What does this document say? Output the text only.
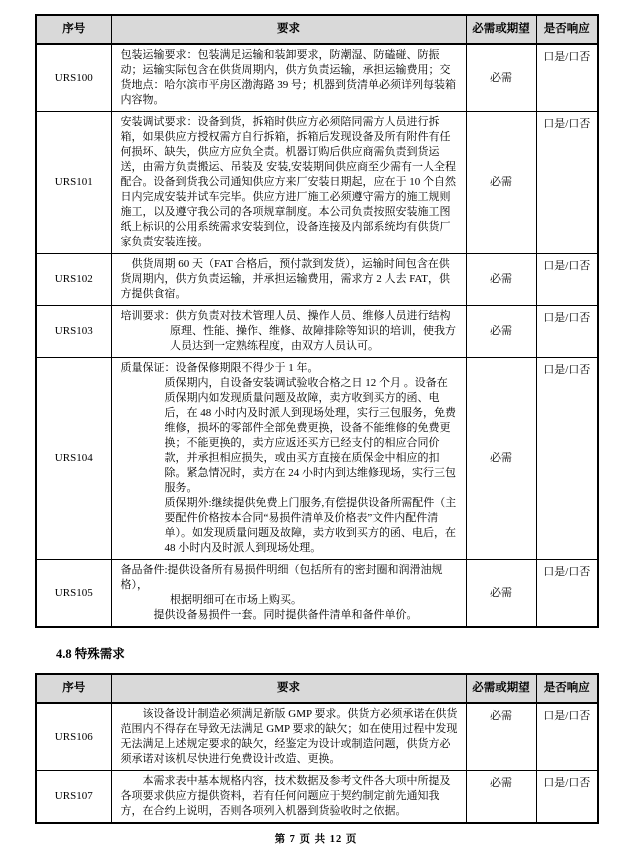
序号	要求	必需或期望	是否响应
URS100	包装运输要求：包装满足运输和装卸要求，防潮湿、防磕碰、防振动；运输实际包含在供货周期内，供方负责运输，承担运输费用；交货地点：哈尔滨市平房区渤海路 39 号；机器到货清单必须详列每装箱内容物。	必需	口是/口否
URS101	安装调试要求：设备到货，拆箱时供应方必须陪同需方人员进行拆箱，如果供应方授权需方自行拆箱，拆箱后发现设备及所有附件有任何损坏、缺失，供应方应负全责。机器订购后供应商需负责到货运送，由需方负责搬运、吊装及 安装,安装期间供应商至少需有一人全程配合。设备到货我公司通知供应方来厂安装日期起，应在于 10 个自然日内完成安装并试车完毕。供应方进厂施工必须遵守需方的施工规则施工，以及遵守我公司的各项规章制度。本公司负责按照安装施工图纸上标识的公用系统需求安装到位，设备连接及内部系统均有供货厂家负责安装连接。	必需	口是/口否
URS102	供货周期 60 天（FAT 合格后，预付款到发货），运输时间包含在供货周期内，供方负责运输，并承担运输费用，需求方 2 人去 FAT，供方提供食宿。	必需	口是/口否
URS103	培训要求：供方负责对技术管理人员、操作人员、维修人员进行结构原理、性能、操作、维修、故障排除等知识的培训，使我方人员达到一定熟练程度，由双方人员认可。	必需	口是/口否
URS104	质量保证：设备保修期限不得少于 1 年。
质保期内，自设备安装调试验收合格之日 12 个月 。设备在质保期内如发现质量问题及故障，卖方收到买方的函、电后，在 48 小时内及时派人到现场处理，实行三包服务，免费维修，损坏的零部件全部免费更换，设备不能维修的免费更换；不能更换的，卖方应返还买方已经支付的相应合同价款，并承担相应损失，或由买方直接在质保金中相应的扣除。紧急情况时，卖方在 24 小时内到达维修现场，实行三包服务。
质保期外:继续提供免费上门服务,有偿提供设备所需配件（主要配件价格按本合同“易损件清单及价格表”文件内配件清单）。如发现质量问题及故障，卖方收到买方的函、电后，在48 小时内及时派人到现场处理。	必需	口是/口否
URS105	备品备件:提供设备所有易损件明细（包括所有的密封圈和润滑油规格），
根据明细可在市场上购买。
提供设备易损件一套。同时提供备件清单和备件单价。	必需	口是/口否
4.8 特殊需求
序号	要求	必需或期望	是否响应
URS106	该设备设计制造必须满足新版 GMP 要求。供货方必须承诺在供货范围内不得存在导致无法满足 GMP 要求的缺欠；如在使用过程中发现无法满足上述规定要求的缺欠，经鉴定为设计或制造问题，供货方必须承诺对该机尽快进行免费设计改造、更换。	必需	口是/口否
URS107	本需求表中基本规格内容，技术数据及参考文件各大项中所提及各项要求供应方提供资料，若有任何问题应于契约制定前先通知我方，在合约上说明，否则各项列入机器到货验收时之依据。	必需	口是/口否
第 7 页 共 12 页
